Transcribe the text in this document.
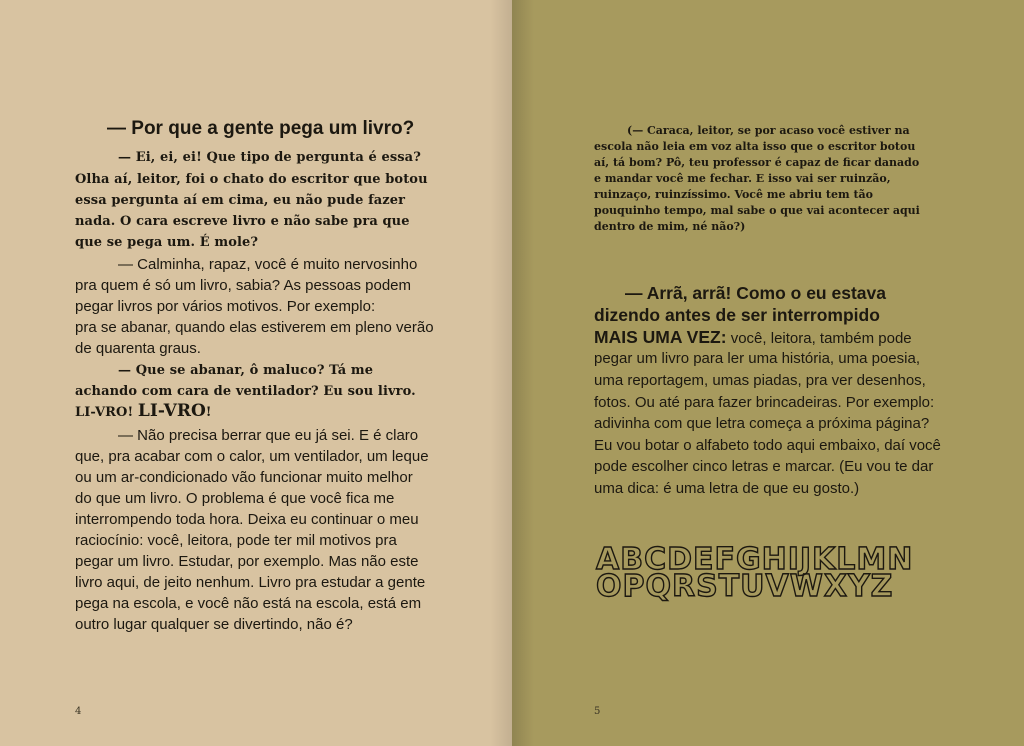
— Por que a gente pega um livro?
— Ei, ei, ei! Que tipo de pergunta é essa?
Olha aí, leitor, foi o chato do escritor que botou
essa pergunta aí em cima, eu não pude fazer
nada. O cara escreve livro e não sabe pra que
que se pega um. É mole?
— Calminha, rapaz, você é muito nervosinho
pra quem é só um livro, sabia? As pessoas podem
pegar livros por vários motivos. Por exemplo:
pra se abanar, quando elas estiverem em pleno verão
de quarenta graus.
— Que se abanar, ô maluco? Tá me
achando com cara de ventilador? Eu sou livro.
LI-VRO! LI-VRO!
— Não precisa berrar que eu já sei. E é claro
que, pra acabar com o calor, um ventilador, um leque
ou um ar-condicionado vão funcionar muito melhor
do que um livro. O problema é que você fica me
interrompendo toda hora. Deixa eu continuar o meu
raciocínio: você, leitora, pode ter mil motivos pra
pegar um livro. Estudar, por exemplo. Mas não este
livro aqui, de jeito nenhum. Livro pra estudar a gente
pega na escola, e você não está na escola, está em
outro lugar qualquer se divertindo, não é?
4
(— Caraca, leitor, se por acaso você estiver na
escola não leia em voz alta isso que o escritor botou
aí, tá bom? Pô, teu professor é capaz de ficar danado
e mandar você me fechar. E isso vai ser ruinzão,
ruinzaço, ruinzíssimo. Você me abriu tem tão
pouquinho tempo, mal sabe o que vai acontecer aqui
dentro de mim, né não?)
— Arrã, arrã! Como o eu estava
dizendo antes de ser interrompido
MAIS UMA VEZ: você, leitora, também pode
pegar um livro para ler uma história, uma poesia,
uma reportagem, umas piadas, pra ver desenhos,
fotos. Ou até para fazer brincadeiras. Por exemplo:
adivinha com que letra começa a próxima página?
Eu vou botar o alfabeto todo aqui embaixo, daí você
pode escolher cinco letras e marcar. (Eu vou te dar
uma dica: é uma letra de que eu gosto.)
ABCDEFGHIJKLMN
OPQRSTUVWXYZ
5
